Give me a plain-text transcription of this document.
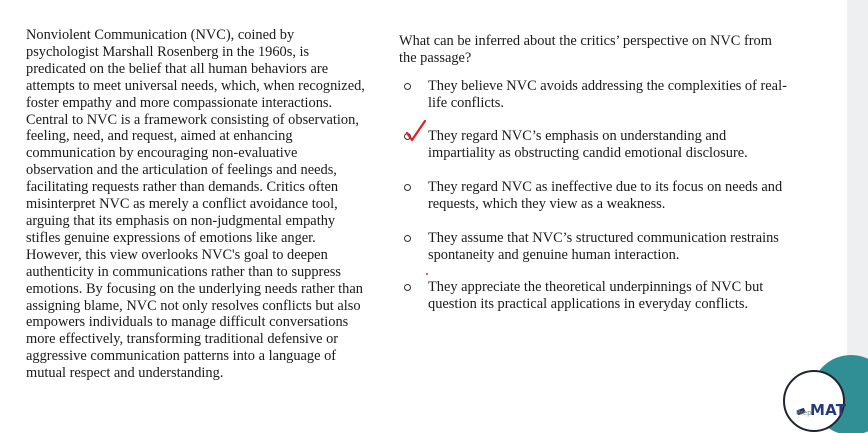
Nonviolent Communication (NVC), coined by psychologist Marshall Rosenberg in the 1960s, is predicated on the belief that all human behaviors are attempts to meet universal needs, which, when recognized, foster empathy and more compassionate interactions. Central to NVC is a framework consisting of observation, feeling, need, and request, aimed at enhancing communication by encouraging non-evaluative observation and the articulation of feelings and needs, facilitating requests rather than demands. Critics often misinterpret NVC as merely a conflict avoidance tool, arguing that its emphasis on non-judgmental empathy stifles genuine expressions of emotions like anger. However, this view overlooks NVC's goal to deepen authenticity in communications rather than to suppress emotions. By focusing on the underlying needs rather than assigning blame, NVC not only resolves conflicts but also empowers individuals to manage difficult conversations more effectively, transforming traditional defensive or aggressive communication patterns into a language of mutual respect and understanding.
What can be inferred about the critics’ perspective on NVC from the passage?
They believe NVC avoids addressing the complexities of real-life conflicts.
They regard NVC’s emphasis on understanding and impartiality as obstructing candid emotional disclosure.
They regard NVC as ineffective due to its focus on needs and requests, which they view as a weakness.
They assume that NVC’s structured communication restrains spontaneity and genuine human interaction.
They appreciate the theoretical underpinnings of NVC but question its practical applications in everyday conflicts.
Prep
MAT
